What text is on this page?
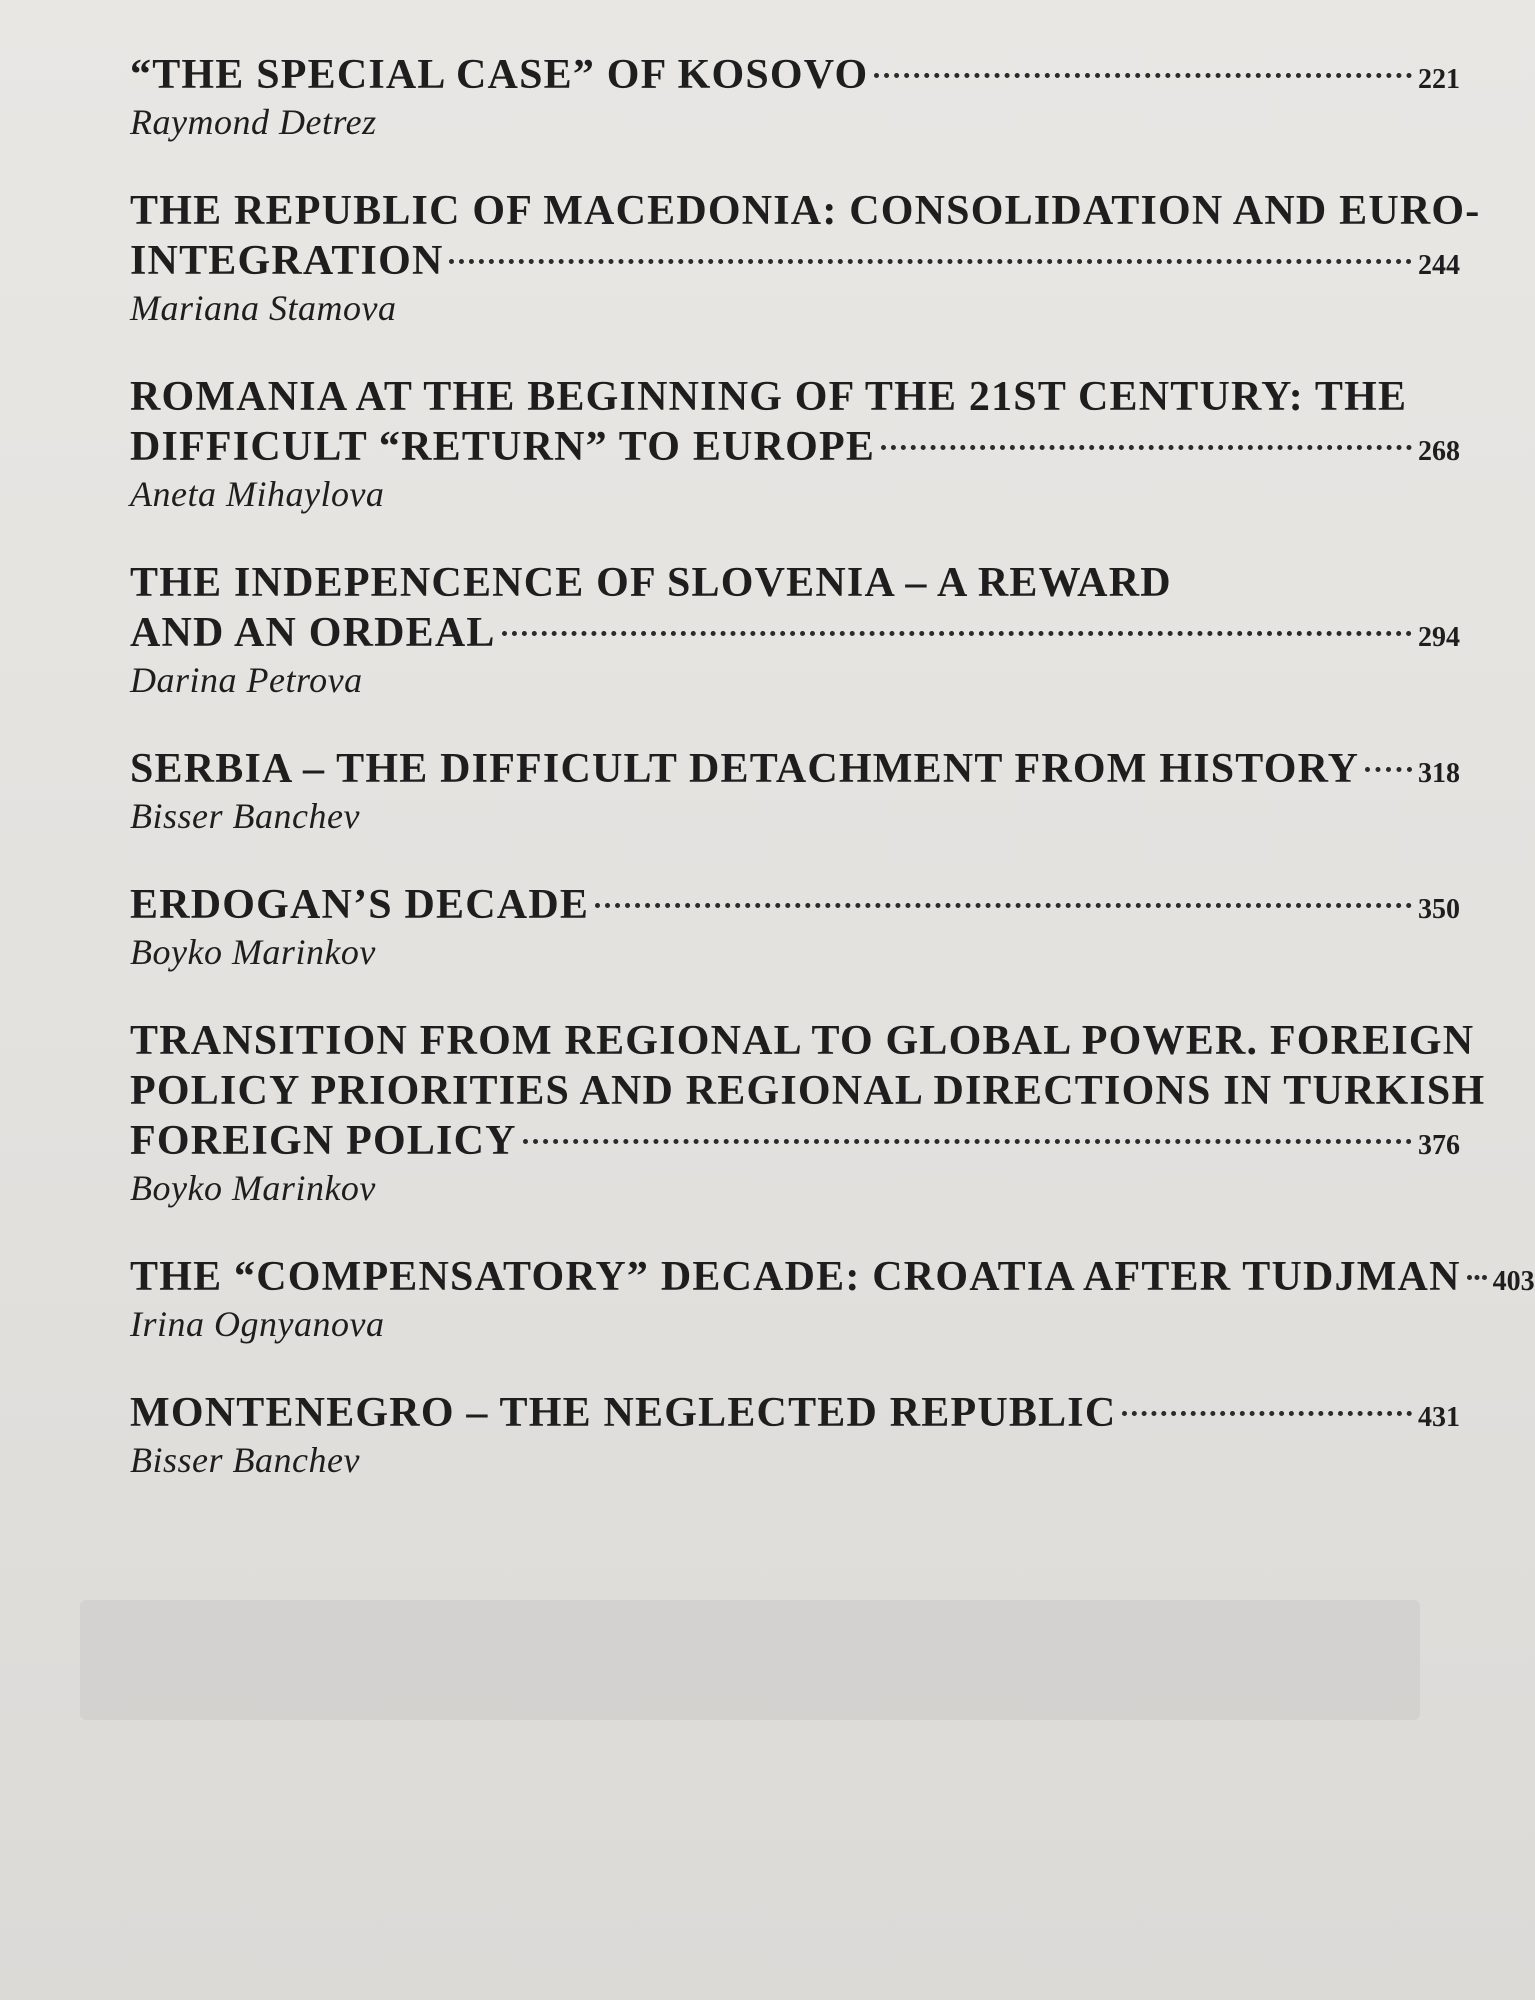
“THE SPECIAL CASE” OF KOSOVO	221
Raymond Detrez
THE REPUBLIC OF MACEDONIA: CONSOLIDATION AND EURO-
INTEGRATION	244
Mariana Stamova
ROMANIA AT THE BEGINNING OF THE 21ST CENTURY: THE
DIFFICULT “RETURN” TO EUROPE	268
Aneta Mihaylova
THE INDEPENCENCE OF SLOVENIA – A REWARD
AND AN ORDEAL	294
Darina Petrova
SERBIA – THE DIFFICULT DETACHMENT FROM HISTORY 318
Bisser Banchev
ERDOGAN’S DECADE	350
Boyko Marinkov
TRANSITION FROM REGIONAL TO GLOBAL POWER. FOREIGN
POLICY PRIORITIES AND REGIONAL DIRECTIONS IN TURKISH
FOREIGN POLICY	376
Boyko Marinkov
THE “COMPENSATORY” DECADE: CROATIA AFTER TUDJMAN 403
Irina Ognyanova
MONTENEGRO – THE NEGLECTED REPUBLIC	431
Bisser Banchev
